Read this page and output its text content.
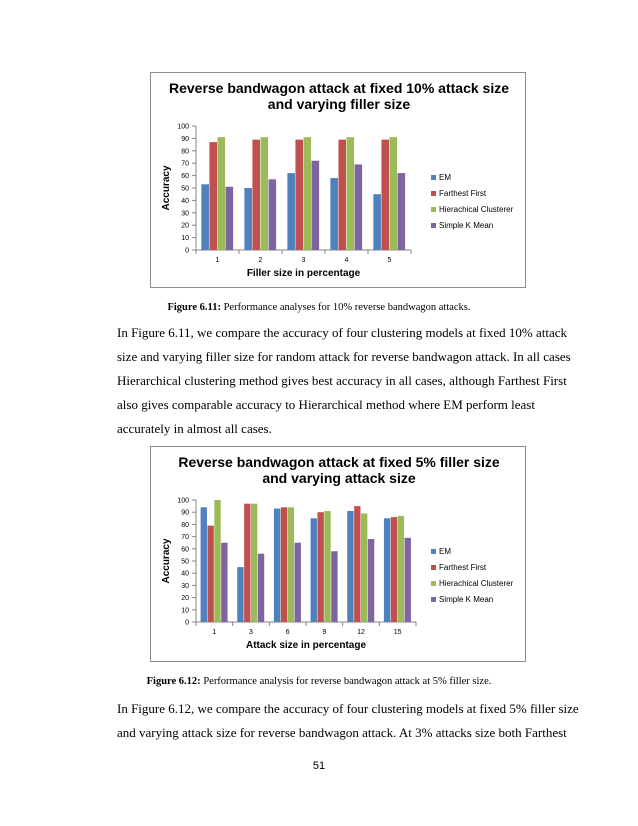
Reverse bandwagon attack at fixed 10% attack size
and varying filler size
0
10
20
30
40
50
60
70
80
90
100
1	2	3	4	5
Filler size in percentage
Accuracy	EM
Farthest First
Hierachical Clusterer
Simple K Mean
Figure 6.11: Performance analyses for 10% reverse bandwagon attacks.
In Figure 6.11, we compare the accuracy of four clustering models at fixed 10% attack
size and varying filler size for random attack for reverse bandwagon attack. In all cases
Hierarchical clustering method gives best accuracy in all cases, although Farthest First
also gives comparable accuracy to Hierarchical method where EM perform least
accurately in almost all cases.
Reverse bandwagon attack at fixed 5% filler size
and varying attack size
0
10
20
30
40
50
60
70
80
90
100
1	3	6	9	12	15
Attack size in percentage
Accuracy	EM
Farthest First
Hierachical Clusterer
Simple K Mean
Figure 6.12: Performance analysis for reverse bandwagon attack at 5% filler size.
In Figure 6.12, we compare the accuracy of four clustering models at fixed 5% filler size
and varying attack size for reverse bandwagon attack. At 3% attacks size both Farthest
51
